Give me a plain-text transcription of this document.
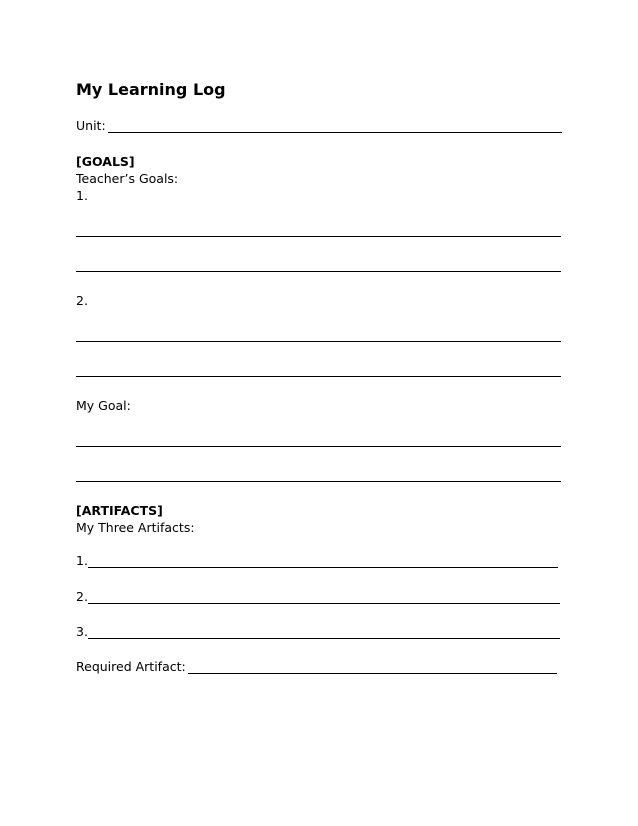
My Learning Log
Unit:
[GOALS]
Teacher’s Goals:
1.
2.
My Goal:
[ARTIFACTS]
My Three Artifacts:
1.
2.
3.
Required Artifact:
